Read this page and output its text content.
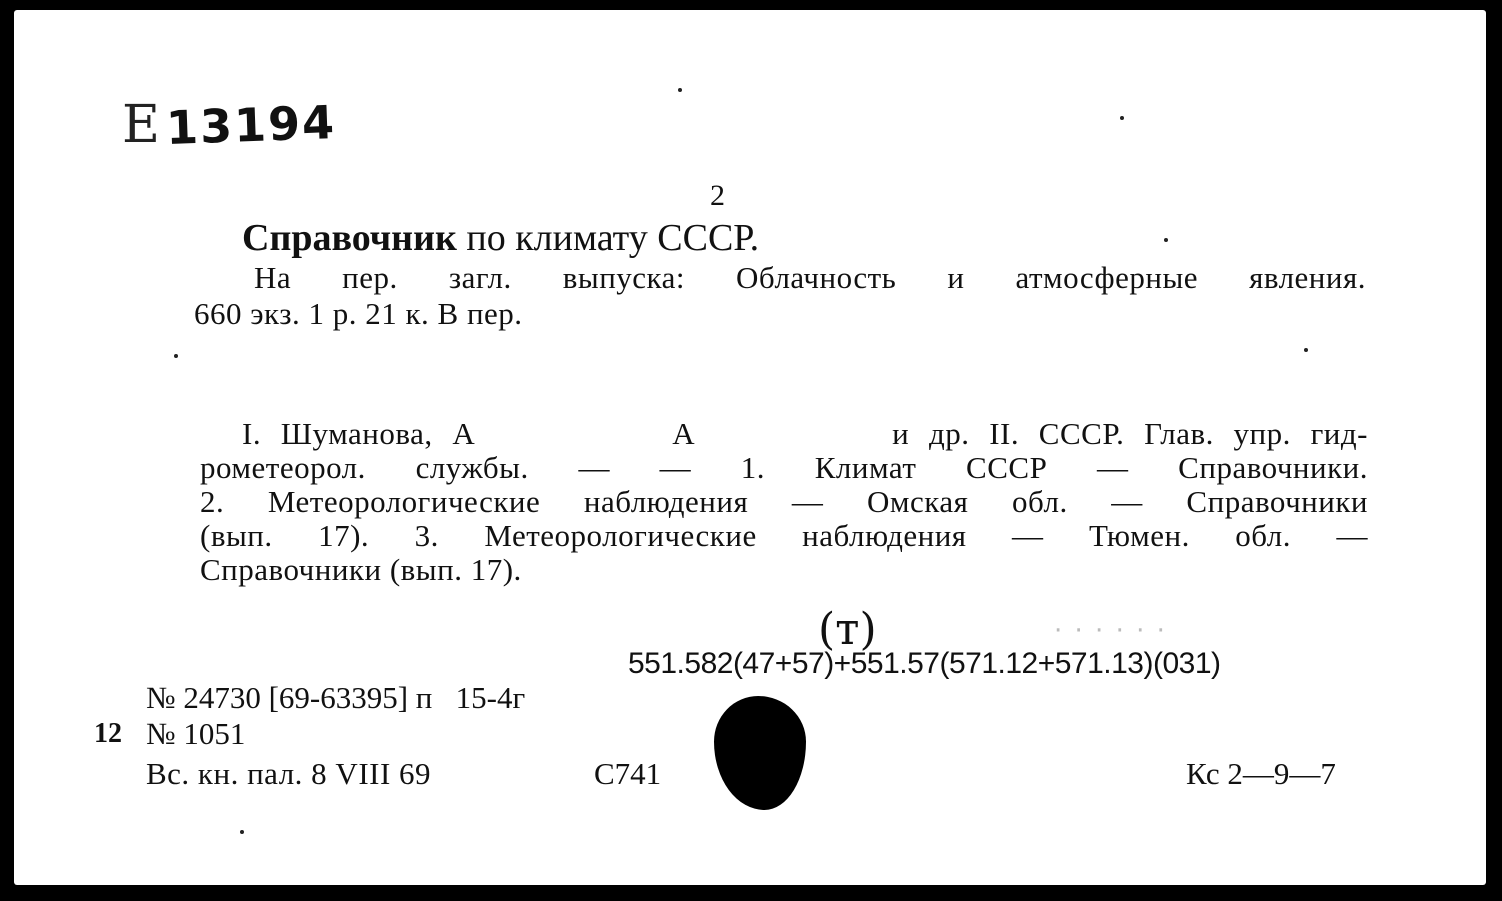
Е 13194
2
Справочник по климату СССР.
На пер. загл. выпуска: Облачность и атмосферные явления.
660 экз. 1 р. 21 к. В пер.
I. Шуманова, А          А          и др. II. СССР. Глав. упр. гид-
рометеорол. службы. — — 1. Климат СССР — Справочники.
2. Метеорологические наблюдения — Омская обл. — Справочники
(вып. 17). 3. Метеорологические наблюдения — Тюмен. обл. —
Справочники (вып. 17).
(т)	· · · · · ·
551.582(47+57)+551.57(571.12+571.13)(031)
№ 24730 [69-63395] п   15-4г
12 № 1051
Вс. кн. пал. 8 VIII 69	С741	Кс 2—9—7
